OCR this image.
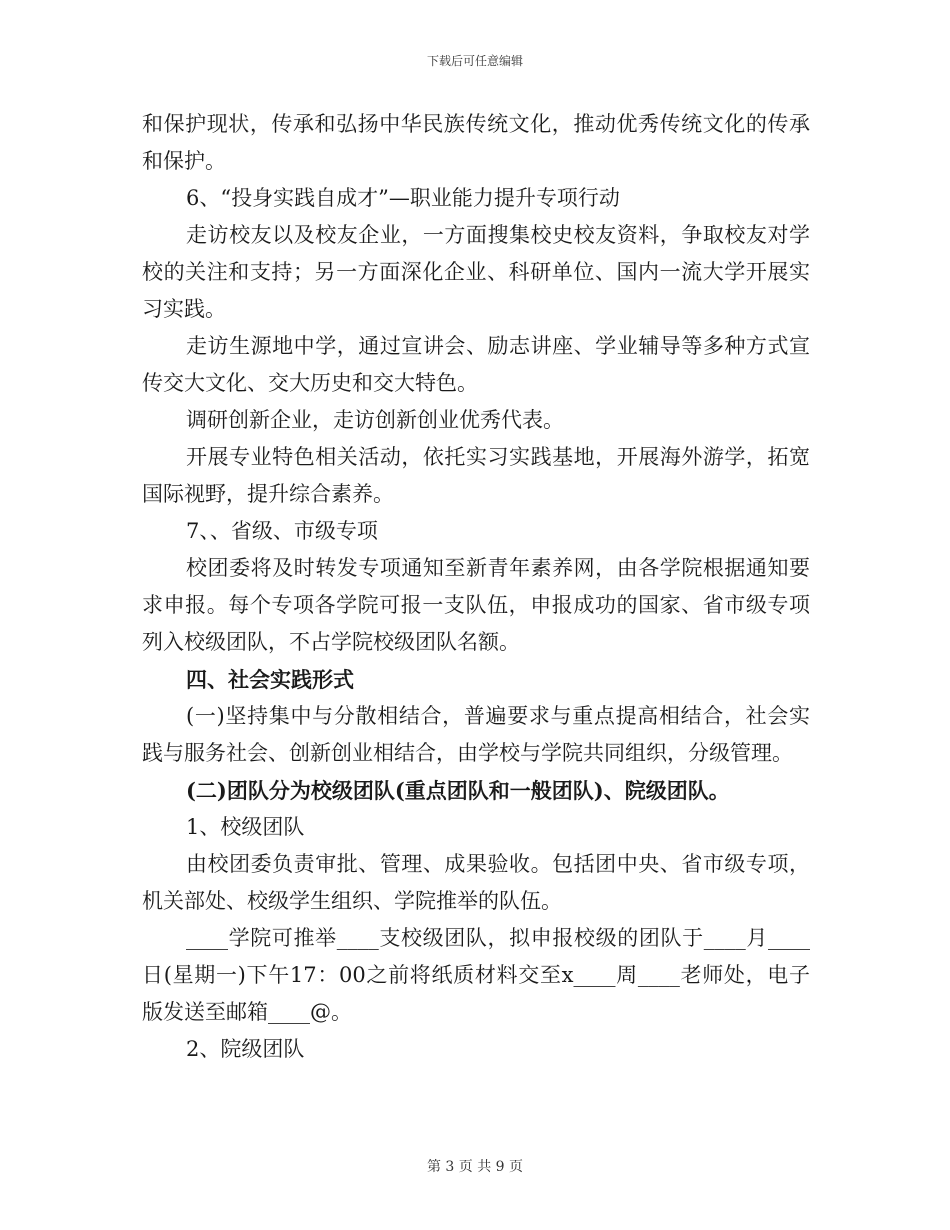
下载后可任意编辑

和保护现状，传承和弘扬中华民族传统文化，推动优秀传统文化的传承和保护。

6、“投身实践自成才”—职业能力提升专项行动

走访校友以及校友企业，一方面搜集校史校友资料，争取校友对学校的关注和支持；另一方面深化企业、科研单位、国内一流大学开展实习实践。

走访生源地中学，通过宣讲会、励志讲座、学业辅导等多种方式宣传交大文化、交大历史和交大特色。

调研创新企业，走访创新创业优秀代表。

开展专业特色相关活动，依托实习实践基地，开展海外游学，拓宽国际视野，提升综合素养。

7、、省级、市级专项

校团委将及时转发专项通知至新青年素养网，由各学院根据通知要求申报。每个专项各学院可报一支队伍，申报成功的国家、省市级专项列入校级团队，不占学院校级团队名额。

四、社会实践形式

(一)坚持集中与分散相结合，普遍要求与重点提高相结合，社会实践与服务社会、创新创业相结合，由学校与学院共同组织，分级管理。

(二)团队分为校级团队(重点团队和一般团队)、院级团队。

1、校级团队

由校团委负责审批、管理、成果验收。包括团中央、省市级专项，机关部处、校级学生组织、学院推举的队伍。

____学院可推举____支校级团队，拟申报校级的团队于____月____日(星期一)下午17：00之前将纸质材料交至x____周____老师处，电子版发送至邮箱____@。

2、院级团队

第 3 页 共 9 页
